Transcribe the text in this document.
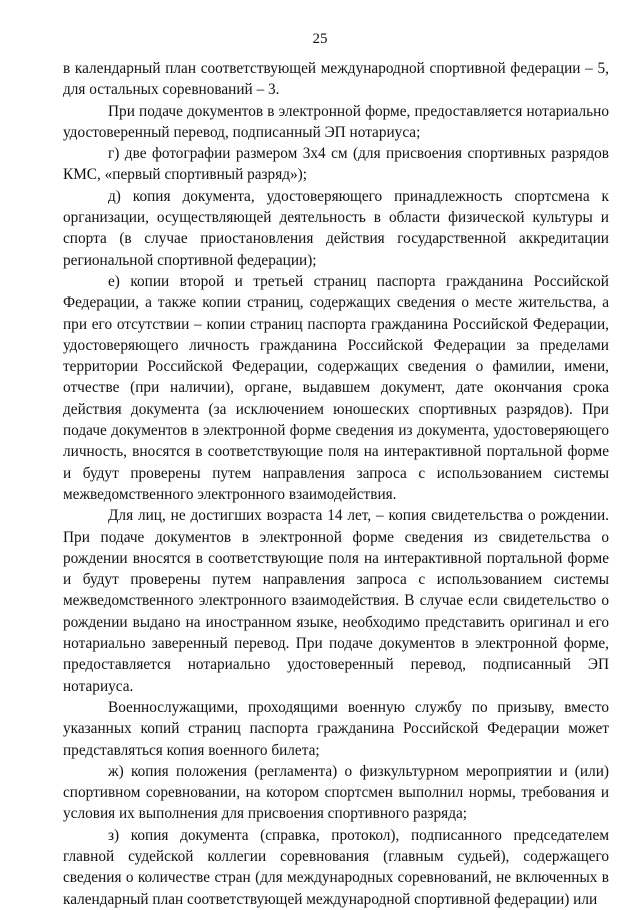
25

в календарный план соответствующей международной спортивной федерации – 5, для остальных соревнований – 3.

При подаче документов в электронной форме, предоставляется нотариально удостоверенный перевод, подписанный ЭП нотариуса;

г) две фотографии размером 3х4 см (для присвоения спортивных разрядов КМС, «первый спортивный разряд»);

д) копия документа, удостоверяющего принадлежность спортсмена к организации, осуществляющей деятельность в области физической культуры и спорта (в случае приостановления действия государственной аккредитации региональной спортивной федерации);

е) копии второй и третьей страниц паспорта гражданина Российской Федерации, а также копии страниц, содержащих сведения о месте жительства, а при его отсутствии – копии страниц паспорта гражданина Российской Федерации, удостоверяющего личность гражданина Российской Федерации за пределами территории Российской Федерации, содержащих сведения о фамилии, имени, отчестве (при наличии), органе, выдавшем документ, дате окончания срока действия документа (за исключением юношеских спортивных разрядов). При подаче документов в электронной форме сведения из документа, удостоверяющего личность, вносятся в соответствующие поля на интерактивной портальной форме и будут проверены путем направления запроса с использованием системы межведомственного электронного взаимодействия.

Для лиц, не достигших возраста 14 лет, – копия свидетельства о рождении. При подаче документов в электронной форме сведения из свидетельства о рождении вносятся в соответствующие поля на интерактивной портальной форме и будут проверены путем направления запроса с использованием системы межведомственного электронного взаимодействия. В случае если свидетельство о рождении выдано на иностранном языке, необходимо представить оригинал и его нотариально заверенный перевод. При подаче документов в электронной форме, предоставляется нотариально удостоверенный перевод, подписанный ЭП нотариуса.

Военнослужащими, проходящими военную службу по призыву, вместо указанных копий страниц паспорта гражданина Российской Федерации может представляться копия военного билета;

ж) копия положения (регламента) о физкультурном мероприятии и (или) спортивном соревновании, на котором спортсмен выполнил нормы, требования и условия их выполнения для присвоения спортивного разряда;

з) копия документа (справка, протокол), подписанного председателем главной судейской коллегии соревнования (главным судьей), содержащего сведения о количестве стран (для международных соревнований, не включенных в календарный план соответствующей международной спортивной федерации) или
